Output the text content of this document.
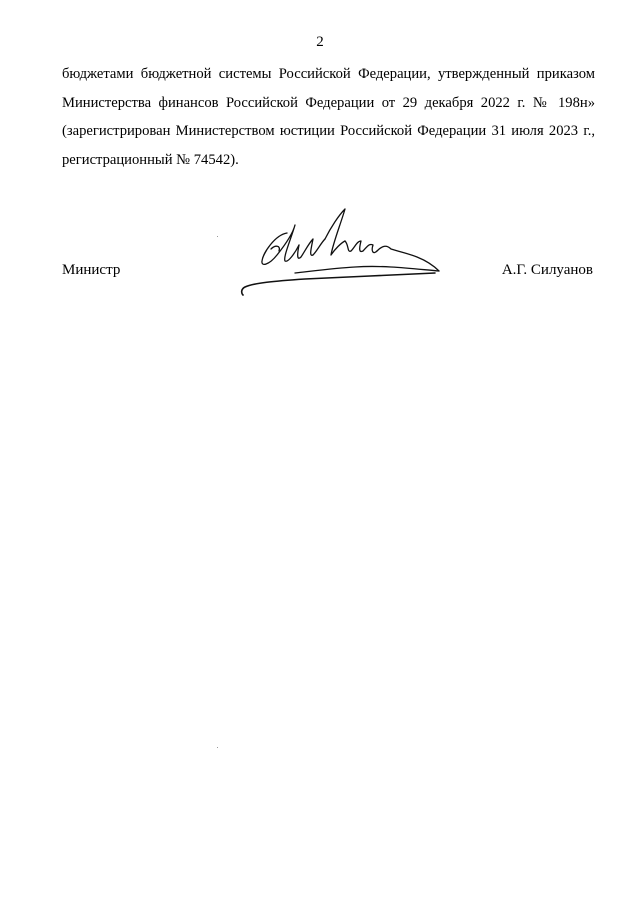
2
бюджетами бюджетной системы Российской Федерации, утвержденный приказом
Министерства финансов Российской Федерации от 29 декабря 2022 г. № 198н»
(зарегистрирован Министерством юстиции Российской Федерации 31 июля 2023 г.,
регистрационный № 74542).
Министр	А.Г. Силуанов
